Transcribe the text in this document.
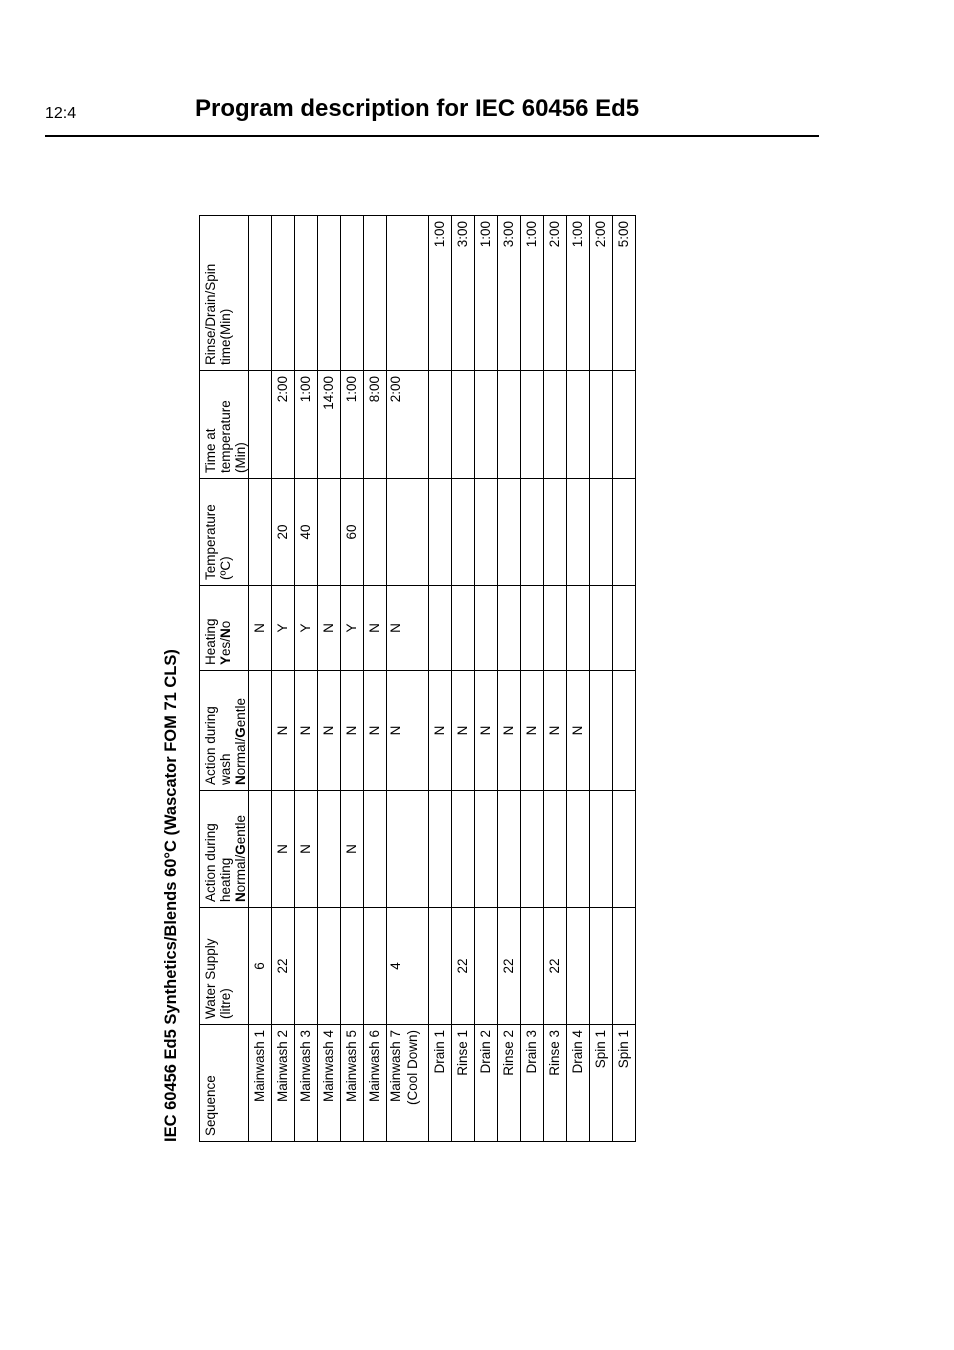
12:4	Program description for IEC 60456 Ed5
IEC 60456 Ed5 Synthetics/Blends 60°C (Wascator FOM 71 CLS)	Sequence	Water Supply (litre)	Action during heating Normal/Gentle	Action during wash Normal/Gentle	Heating Yes/No	Temperature (ºC)	Time at temperature (Min)	Rinse/Drain/Spin time(Min)

Mainwash 1	6			N			

Mainwash 2	22	N	N	Y	20	2:00	

Mainwash 3		N	N	Y	40	1:00	

Mainwash 4			N	N		14:00	

Mainwash 5		N	N	Y	60	1:00	

Mainwash 6			N	N		8:00	

Mainwash 7 (Cool Down)	4		N	N		2:00	

Drain 1			N				1:00

Rinse 1	22		N				3:00

Drain 2			N				1:00

Rinse 2	22		N				3:00

Drain 3			N				1:00

Rinse 3	22		N				2:00

Drain 4			N				1:00

Spin 1							2:00

Spin 1							5:00
